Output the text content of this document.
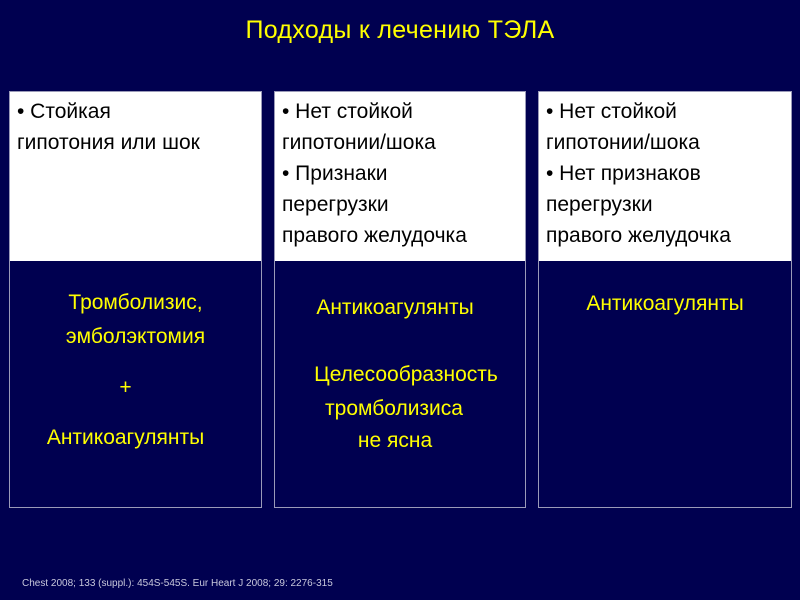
Подходы к лечению ТЭЛА
• Стойкая
гипотония или шок
Тромболизис,
эмболэктомия
+
Антикоагулянты
• Нет стойкой
гипотонии/шока
• Признаки
перегрузки
правого желудочка
Антикоагулянты
Целесообразность
тромболизиса
не ясна
• Нет стойкой
гипотонии/шока
• Нет признаков
перегрузки
правого желудочка
Антикоагулянты
Chest 2008; 133 (suppl.): 454S-545S. Eur Heart J 2008; 29: 2276-315
